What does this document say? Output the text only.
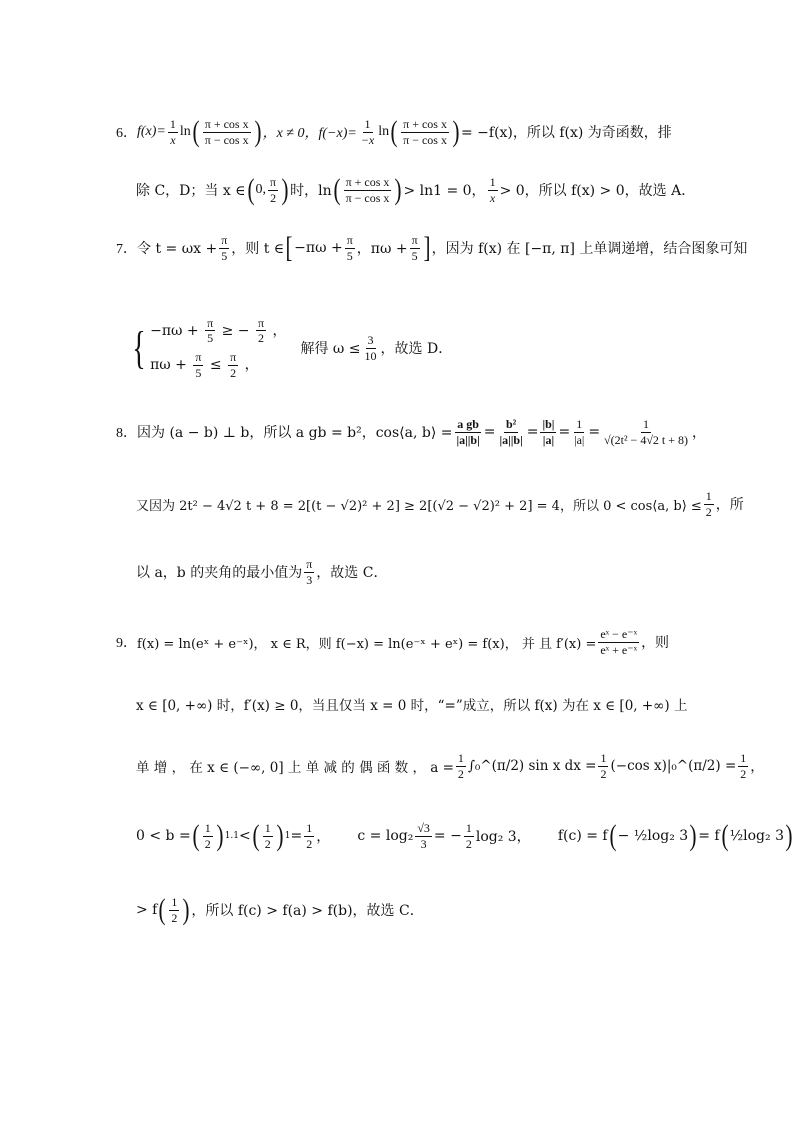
6． $f(x)= \frac{1}{x}$ ln ( $\frac{\text{π + cos x}}{\text{π − cos x}}$ ) ，x ≠ 0，$f(-x)= \frac{1}{-x}$ ln ( $\frac{\text{π + cos x}}{\text{π − cos x}}$ ) = −f(x)，所以 f(x) 为奇函数，排
除 C，D；当 x ∈ ( 0, $\frac{\pi}{2}$ ) 时，ln ( $\frac{\text{π + cos x}}{\text{π − cos x}}$ ) > ln1 = 0， $\frac{1}{x} > 0$，所以 f(x) > 0，故选 A．
7． 令 $t = \omega x + \frac{\pi}{5}$ ，则 t ∈ [ $-\pi\omega + \frac{\pi}{5}$ ，$\pi\omega + \frac{\pi}{5}$ ] ，因为 f(x) 在 [−π, π] 上单调递增，结合图象可知
{ $-\pi\omega + \frac{\pi}{5}$ ≥ − $\frac{\pi}{2}$ ，
$\pi\omega + \frac{\pi}{5} \le \frac{\pi}{2}$ ，
解得 $\omega \le \frac{3}{10}$ ，故选 D．
8． 因为 (a − b) ⊥ b，所以 a gb = b²，cos⟨a, b⟩ = $\frac{\text{a gb}}{|a||b|} = \frac{\text{b²}}{|a||b|} = \frac{|b|}{|a|} = \frac{1}{|a|} = \frac{1}{\text{√(2t² − 4√2 t + 8)}}$ ，
又因为 2t² − 4√2 t + 8 = 2[(t − √2)² + 2] ≥ 2[(√2 − √2)² + 2] = 4，所以 0 < cos⟨a, b⟩ ≤ $\frac{1}{2}$ ，所
以 a，b 的夹角的最小值为 $\frac{\pi}{3}$ ，故选 C．
9． f(x) = ln(eˣ + e⁻ˣ)， x ∈ R，则 f(−x) = ln(e⁻ˣ + eˣ) = f(x)， 并 且 $f'(x) = \frac{\text{eˣ − e⁻ˣ}}{\text{eˣ + e⁻ˣ}}$ ，则
x ∈ [0, +∞) 时，f′(x) ≥ 0，当且仅当 x = 0 时，“=”成立，所以 f(x) 为在 x ∈ [0, +∞) 上
单 增 ， 在 x ∈ (−∞, 0] 上 单 减 的 偶 函 数 ， $a = \frac{1}{2}$ ∫₀^(π/2) sin x dx = $\frac{1}{2} (-\cos$ x)|₀^(π/2) = $\frac{1}{2}$ ，
0 < b = ( $\frac{1}{2}$ ) 1.1 < ( $\frac{1}{2}$ ) $1 = \frac{1}{2}$ ， $c = \log_2 \frac{√3}{3}$ = − $\frac{1}{2} \log_2$ 3， f(c) = f ( − ½log₂ 3 ) = f ( ½log₂ 3 )
> f ( $\frac{1}{2}$ ) ，所以 f(c) > f(a) > f(b)，故选 C．
